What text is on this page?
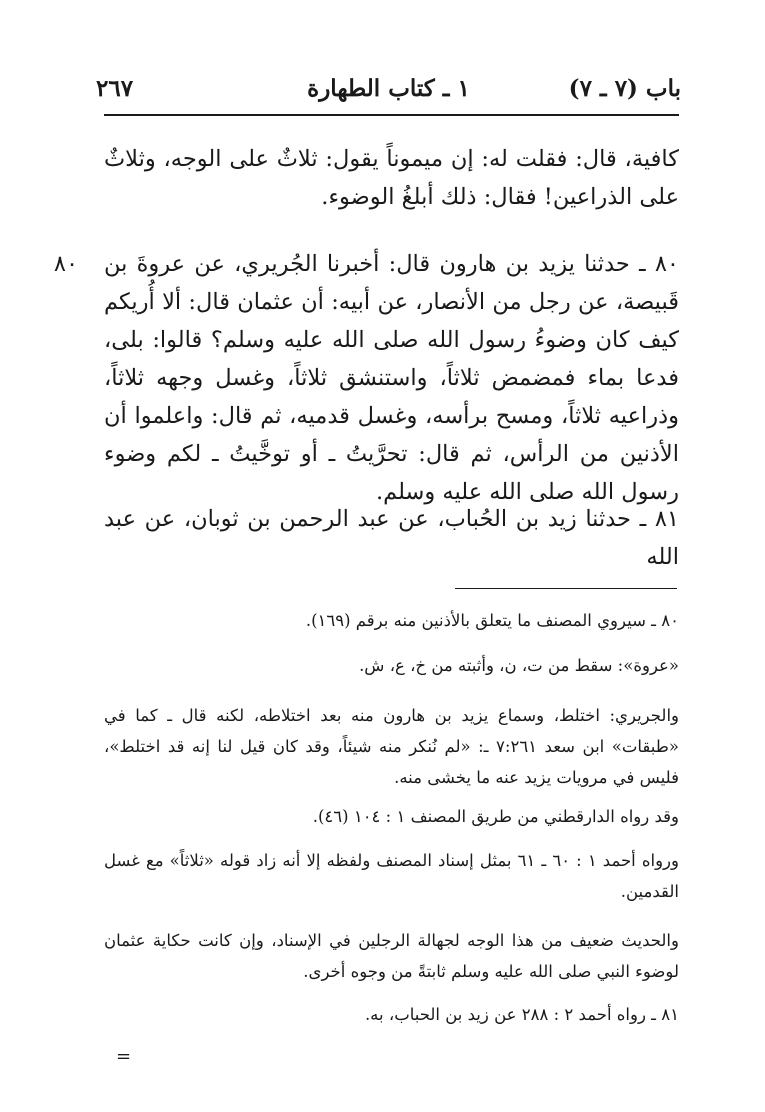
باب (٧ ـ ٧)
١ ـ كتاب الطهارة
٢٦٧
كافية، قال: فقلت له: إن ميموناً يقول: ثلاثٌ على الوجه، وثلاثٌ على الذراعين! فقال: ذلك أبلغُ الوضوء.
٨٠	٨٠ ـ حدثنا يزيد بن هارون قال: أخبرنا الجُريري، عن عروةَ بن قَبيصة، عن رجل من الأنصار، عن أبيه: أن عثمان قال: ألا أُريكم كيف كان وضوءُ رسول الله صلى الله عليه وسلم؟ قالوا: بلى، فدعا بماء فمضمض ثلاثاً، واستنشق ثلاثاً، وغسل وجهه ثلاثاً، وذراعيه ثلاثاً، ومسح برأسه، وغسل قدميه، ثم قال: واعلموا أن الأذنين من الرأس، ثم قال: تحرَّيتُ ـ أو توخَّيتُ ـ لكم وضوء رسول الله صلى الله عليه وسلم.
٨١ ـ حدثنا زيد بن الحُباب، عن عبد الرحمن بن ثوبان، عن عبد الله
٨٠ ـ سيروي المصنف ما يتعلق بالأذنين منه برقم (١٦٩).
«عروة»: سقط من ت، ن، وأثبته من خ، ع، ش.
والجريري: اختلط، وسماع يزيد بن هارون منه بعد اختلاطه، لكنه قال ـ كما في «طبقات» ابن سعد ٧:٢٦١ ـ: «لم نُنكر منه شيئاً، وقد كان قيل لنا إنه قد اختلط»، فليس في مرويات يزيد عنه ما يخشى منه.
وقد رواه الدارقطني من طريق المصنف ١ : ١٠٤ (٤٦).
ورواه أحمد ١ : ٦٠ ـ ٦١ بمثل إسناد المصنف ولفظه إلا أنه زاد قوله «ثلاثاً» مع غسل القدمين.
والحديث ضعيف من هذا الوجه لجهالة الرجلين في الإسناد، وإن كانت حكاية عثمان لوضوء النبي صلى الله عليه وسلم ثابتةً من وجوه أخرى.
٨١ ـ رواه أحمد ٢ : ٢٨٨ عن زيد بن الحباب، به.
=
